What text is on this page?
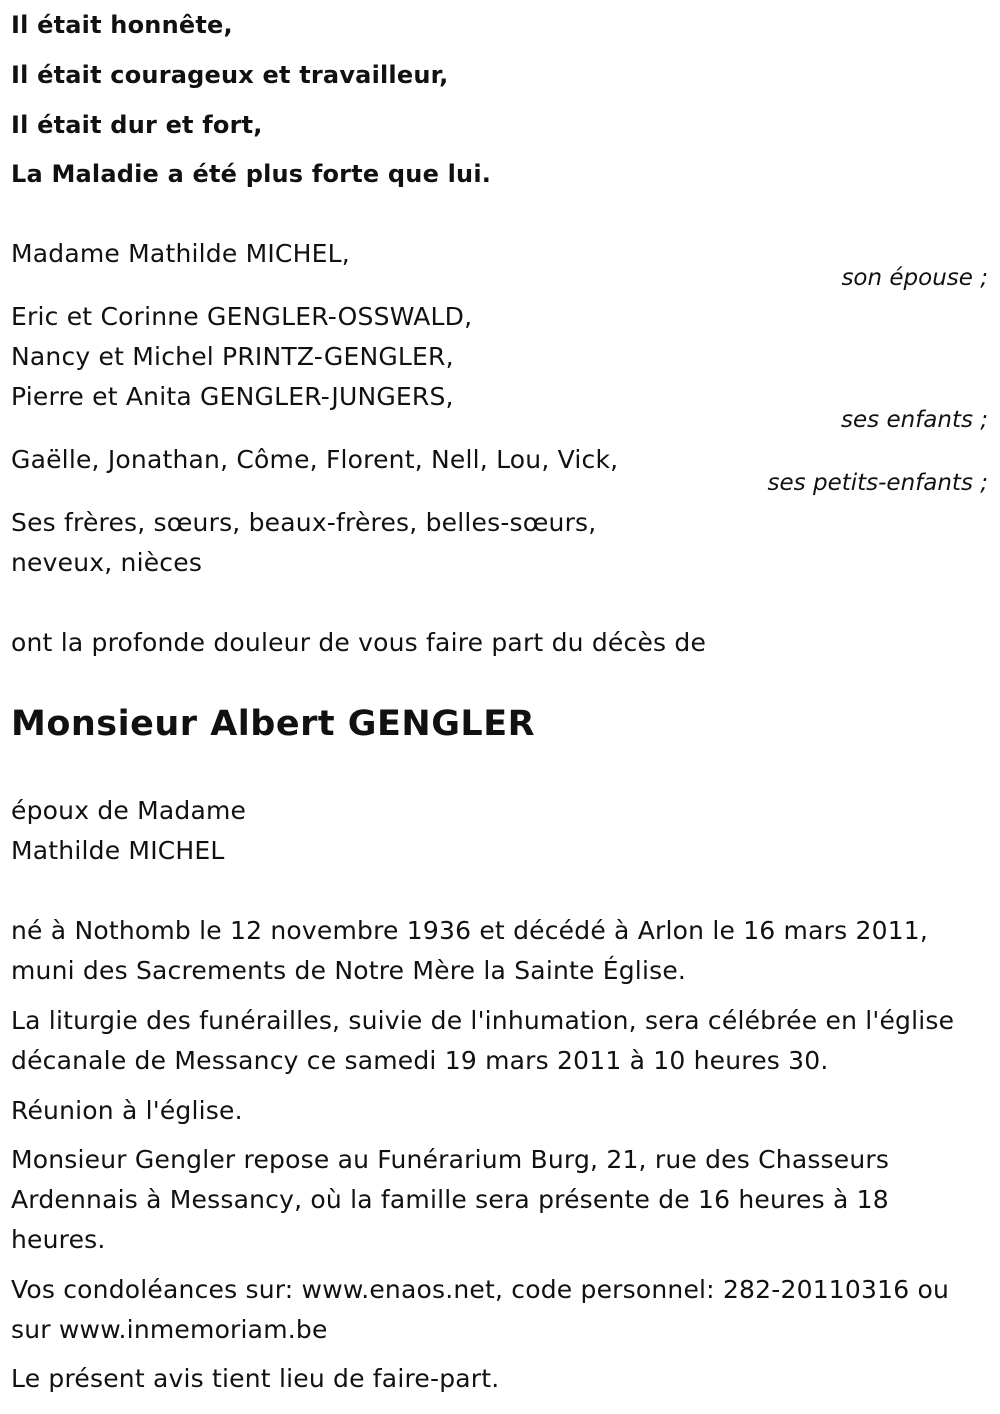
Il était honnête,
Il était courageux et travailleur,
Il était dur et fort,
La Maladie a été plus forte que lui.
Madame Mathilde MICHEL,
son épouse ;
Eric et Corinne GENGLER-OSSWALD,
Nancy et Michel PRINTZ-GENGLER,
Pierre et Anita GENGLER-JUNGERS,
ses enfants ;
Gaëlle, Jonathan, Côme, Florent, Nell, Lou, Vick,
ses petits-enfants ;
Ses frères, sœurs, beaux-frères, belles-sœurs,
neveux, nièces
ont la profonde douleur de vous faire part du décès de
Monsieur Albert GENGLER
époux de Madame
Mathilde MICHEL
né à Nothomb le 12 novembre 1936 et décédé à Arlon le 16 mars 2011,
muni des Sacrements de Notre Mère la Sainte Église.
La liturgie des funérailles, suivie de l'inhumation, sera célébrée en l'église
décanale de Messancy ce samedi 19 mars 2011 à 10 heures 30.
Réunion à l'église.
Monsieur Gengler repose au Funérarium Burg, 21, rue des Chasseurs
Ardennais à Messancy, où la famille sera présente de 16 heures à 18
heures.
Vos condoléances sur: www.enaos.net, code personnel: 282-20110316 ou
sur www.inmemoriam.be
Le présent avis tient lieu de faire-part.
